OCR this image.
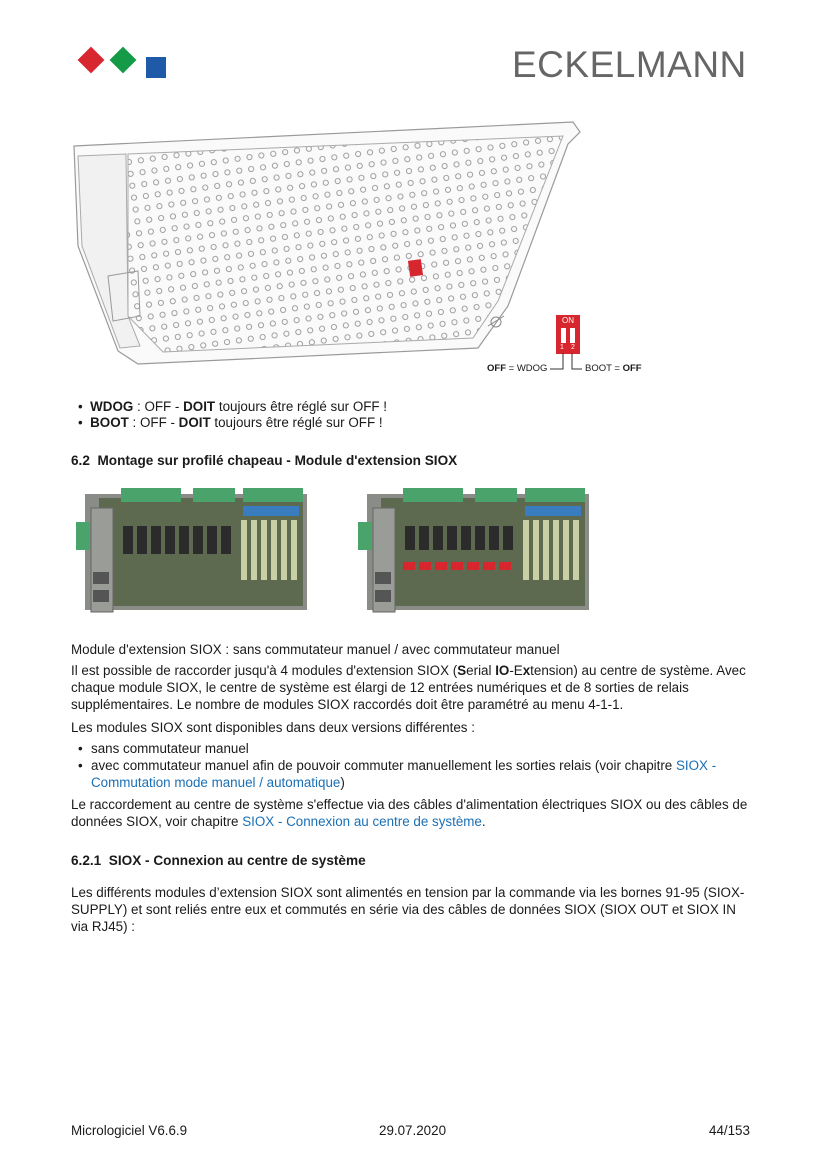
ECKELMANN
ON
1 2
OFF = WDOG	BOOT = OFF
•  WDOG : OFF - DOIT toujours être réglé sur OFF !
•  BOOT : OFF - DOIT toujours être réglé sur OFF !
6.2 Montage sur profilé chapeau - Module d'extension SIOX
Module d'extension SIOX : sans commutateur manuel / avec commutateur manuel
Il est possible de raccorder jusqu'à 4 modules d'extension SIOX (Serial IO-Extension) au centre de système. Avec chaque module SIOX, le centre de système est élargi de 12 entrées numériques et de 8 sorties de relais supplémentaires. Le nombre de modules SIOX raccordés doit être paramétré au menu 4-1-1.
Les modules SIOX sont disponibles dans deux versions différentes :
• sans commutateur manuel
• avec commutateur manuel afin de pouvoir commuter manuellement les sorties relais (voir chapitre SIOX - Commutation mode manuel / automatique)
Le raccordement au centre de système s'effectue via des câbles d'alimentation électriques SIOX ou des câbles de données SIOX, voir chapitre SIOX - Connexion au centre de système.
6.2.1 SIOX - Connexion au centre de système
Les différents modules d’extension SIOX sont alimentés en tension par la commande via les bornes 91-95 (SIOX-SUPPLY) et sont reliés entre eux et commutés en série via des câbles de données SIOX (SIOX OUT et SIOX IN via RJ45) :
Micrologiciel V6.6.9	29.07.2020	44/153
